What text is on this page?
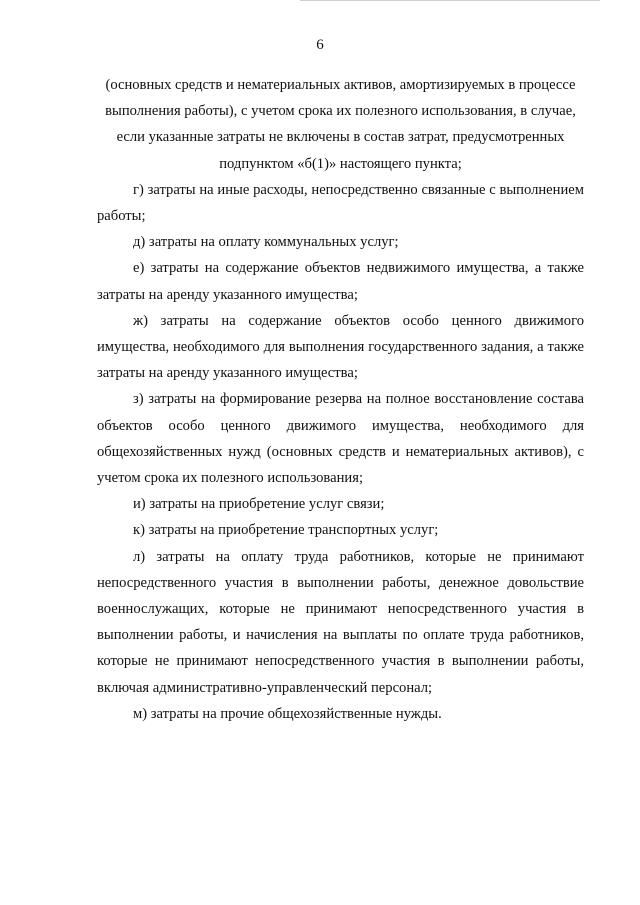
6

(основных средств и нематериальных активов, амортизируемых в процессе выполнения работы), с учетом срока их полезного использования, в случае, если указанные затраты не включены в состав затрат, предусмотренных подпунктом «б(1)» настоящего пункта;

г) затраты на иные расходы, непосредственно связанные с выполнением работы;

д) затраты на оплату коммунальных услуг;

е) затраты на содержание объектов недвижимого имущества, а также затраты на аренду указанного имущества;

ж) затраты на содержание объектов особо ценного движимого имущества, необходимого для выполнения государственного задания, а также затраты на аренду указанного имущества;

з) затраты на формирование резерва на полное восстановление состава объектов особо ценного движимого имущества, необходимого для общехозяйственных нужд (основных средств и нематериальных активов), с учетом срока их полезного использования;

и) затраты на приобретение услуг связи;

к) затраты на приобретение транспортных услуг;

л) затраты на оплату труда работников, которые не принимают непосредственного участия в выполнении работы, денежное довольствие военнослужащих, которые не принимают непосредственного участия в выполнении работы, и начисления на выплаты по оплате труда работников, которые не принимают непосредственного участия в выполнении работы, включая административно-управленческий персонал;

м) затраты на прочие общехозяйственные нужды.
